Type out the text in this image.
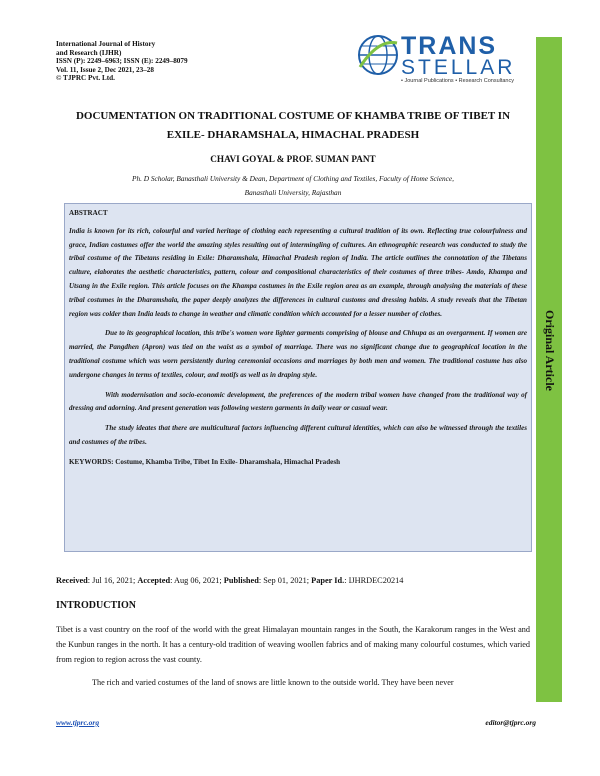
International Journal of History
and Research (IJHR)
ISSN (P): 2249–6963; ISSN (E): 2249–8079
Vol. 11, Issue 2, Dec 2021, 23–28
© TJPRC Pvt. Ltd.
TRANS
STELLAR
• Journal Publications • Research Consultancy
Original Article
DOCUMENTATION ON TRADITIONAL COSTUME OF KHAMBA TRIBE OF TIBET IN EXILE- DHARAMSHALA, HIMACHAL PRADESH
CHAVI GOYAL & PROF. SUMAN PANT
Ph. D Scholar, Banasthali University & Dean, Department of Clothing and Textiles, Faculty of Home Science,
Banasthali University, Rajasthan
ABSTRACT

India is known for its rich, colourful and varied heritage of clothing each representing a cultural tradition of its own. Reflecting true colourfulness and grace, Indian costumes offer the world the amazing styles resulting out of intermingling of cultures. An ethnographic research was conducted to study the tribal costume of the Tibetans residing in Exile: Dharamshala, Himachal Pradesh region of India. The article outlines the connotation of the Tibetans culture, elaborates the aesthetic characteristics, pattern, colour and compositional characteristics of their costumes of three tribes- Amdo, Khampa and Utsang in the Exile region. This article focuses on the Khampa costumes in the Exile region area as an example, through analysing the materials of these tribal costumes in the Dharamshala, the paper deeply analyzes the differences in cultural customs and dressing habits. A study reveals that the Tibetan region was colder than India leads to change in weather and climatic condition which accounted for a lesser number of clothes.

Due to its geographical location, this tribe's women wore lighter garments comprising of blouse and Chhupa as an overgarment. If women are married, the Pangdhen (Apron) was tied on the waist as a symbol of marriage. There was no significant change due to geographical location in the traditional costume which was worn persistently during ceremonial occasions and marriages by both men and women. The traditional costume has also undergone changes in terms of textiles, colour, and motifs as well as in draping style.

With modernisation and socio-economic development, the preferences of the modern tribal women have changed from the traditional way of dressing and adorning. And present generation was following western garments in daily wear or casual wear.

The study ideates that there are multicultural factors influencing different cultural identities, which can also be witnessed through the textiles and costumes of the tribes.

KEYWORDS: Costume, Khamba Tribe, Tibet In Exile- Dharamshala, Himachal Pradesh
Received: Jul 16, 2021; Accepted: Aug 06, 2021; Published: Sep 01, 2021; Paper Id.: IJHRDEC20214
INTRODUCTION

Tibet is a vast country on the roof of the world with the great Himalayan mountain ranges in the South, the Karakorum ranges in the West and the Kunbun ranges in the north. It has a century-old tradition of weaving woollen fabrics and of making many colourful costumes, which varied from region to region across the vast county.

The rich and varied costumes of the land of snows are little known to the outside world. They have been never

www.tjprc.org	editor@tjprc.org
